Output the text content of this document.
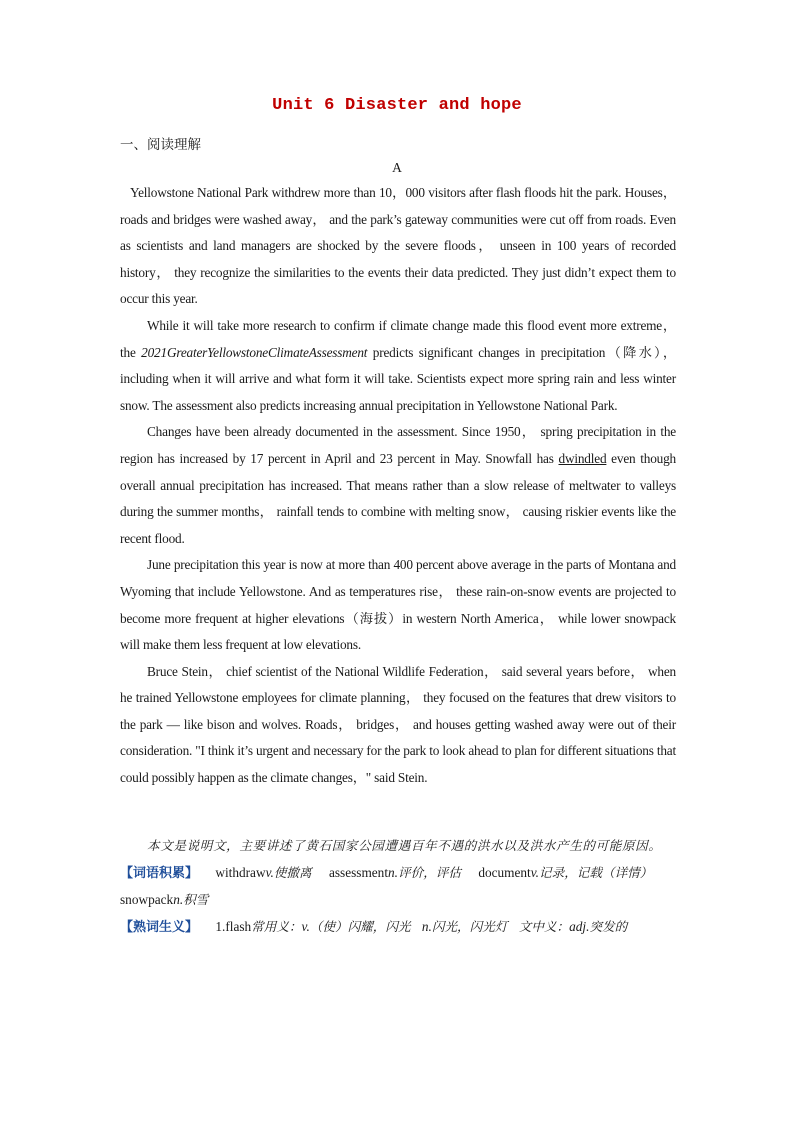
Unit 6 Disaster and hope
一、阅读理解
A

Yellowstone National Park withdrew more than 10，000 visitors after flash floods hit the park. Houses， roads and bridges were washed away， and the park’s gateway communities were cut off from roads. Even as scientists and land managers are shocked by the severe floods， unseen in 100 years of recorded history， they recognize the similarities to the events their data predicted. They just didn’t expect them to occur this year.

While it will take more research to confirm if climate change made this flood event more extreme， the 2021GreaterYellowstoneClimateAssessment predicts significant changes in precipitation（降水）， including when it will arrive and what form it will take. Scientists expect more spring rain and less winter snow. The assessment also predicts increasing annual precipitation in Yellowstone National Park.

Changes have been already documented in the assessment. Since 1950， spring precipitation in the region has increased by 17 percent in April and 23 percent in May. Snowfall has dwindled even though overall annual precipitation has increased. That means rather than a slow release of meltwater to valleys during the summer months， rainfall tends to combine with melting snow， causing riskier events like the recent flood.

June precipitation this year is now at more than 400 percent above average in the parts of Montana and Wyoming that include Yellowstone. And as temperatures rise， these rain-on-snow events are projected to become more frequent at higher elevations（海拔）in western North America， while lower snowpack will make them less frequent at low elevations.

Bruce Stein， chief scientist of the National Wildlife Federation， said several years before， when he trained Yellowstone employees for climate planning， they focused on the features that drew visitors to the park — like bison and wolves. Roads， bridges， and houses getting washed away were out of their consideration. "I think it’s urgent and necessary for the park to look ahead to plan for different situations that could possibly happen as the climate changes，" said Stein.

本文是说明文，主要讲述了黄石国家公园遭遇百年不遇的洪水以及洪水产生的可能原因。

【词语积累】 withdrawv.使撤离 assessmentn.评价，评估 documentv.记录，记载（详情）

snowpackn.积雪

【熟词生义】 1.flash常用义：v.（使）闪耀，闪光 n.闪光，闪光灯 文中义：adj.突发的
